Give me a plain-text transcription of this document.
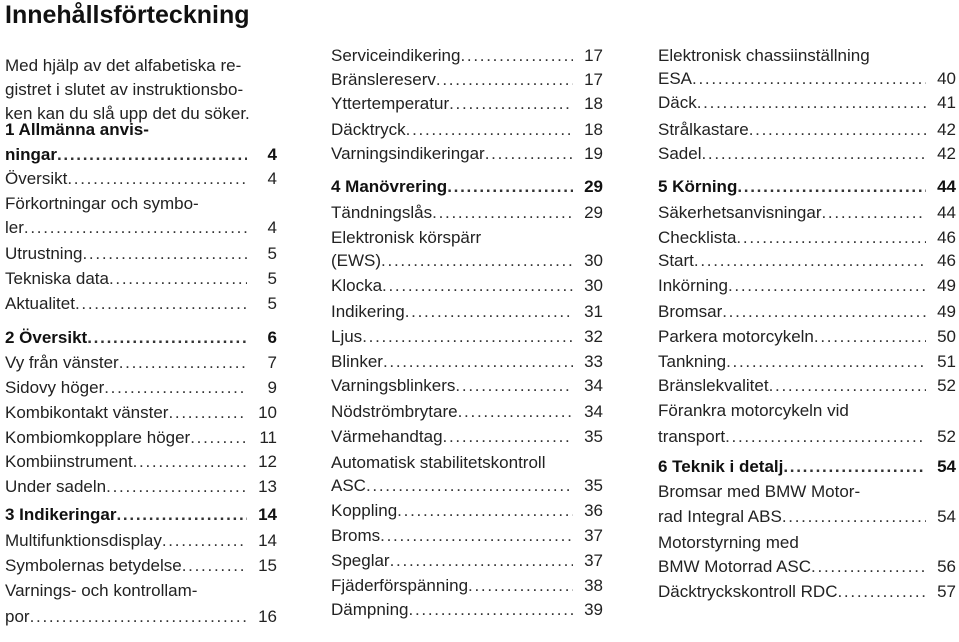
Innehållsförteckning
Med hjälp av det alfabetiska re-
gistret i slutet av instruktionsbo-
ken kan du slå upp det du söker.
1 Allmänna anvis-
ningar . . .	4
Översikt . . .	4
Förkortningar och symbo-
ler . . .	4
Utrustning . . .	5
Tekniska data . . .	5
Aktualitet . . .	5
2 Översikt . . .	6
Vy från vänster . . .	7
Sidovy höger . . .	9
Kombikontakt vänster . . .	10
Kombiomkopplare höger . . .	11
Kombiinstrument . . .	12
Under sadeln . . .	13
3 Indikeringar . . .	14
Multifunktionsdisplay . . .	14
Symbolernas betydelse . . .	15
Varnings- och kontrollam-
por . . .	16
Serviceindikering . . .	17
Bränslereserv . . .	17
Yttertemperatur . . .	18
Däcktryck . . .	18
Varningsindikeringar . . .	19
4 Manövrering . . .	29
Tändningslås . . .	29
Elektronisk körspärr
(EWS) . . .	30
Klocka . . .	30
Indikering . . .	31
Ljus . . .	32
Blinker . . .	33
Varningsblinkers . . .	34
Nödströmbrytare . . .	34
Värmehandtag . . .	35
Automatisk stabilitetskontroll
ASC . . .	35
Koppling . . .	36
Broms . . .	37
Speglar . . .	37
Fjäderförspänning . . .	38
Dämpning . . .	39
Elektronisk chassiinställning
ESA . . .	40
Däck . . .	41
Strålkastare . . .	42
Sadel . . .	42
5 Körning . . .	44
Säkerhetsanvisningar . . .	44
Checklista . . .	46
Start . . .	46
Inkörning . . .	49
Bromsar . . .	49
Parkera motorcykeln . . .	50
Tankning . . .	51
Bränslekvalitet . . .	52
Förankra motorcykeln vid
transport . . .	52
6 Teknik i detalj . . .	54
Bromsar med BMW Motor-
rad Integral ABS . . .	54
Motorstyrning med
BMW Motorrad ASC . . .	56
Däcktryckskontroll RDC . . .	57
